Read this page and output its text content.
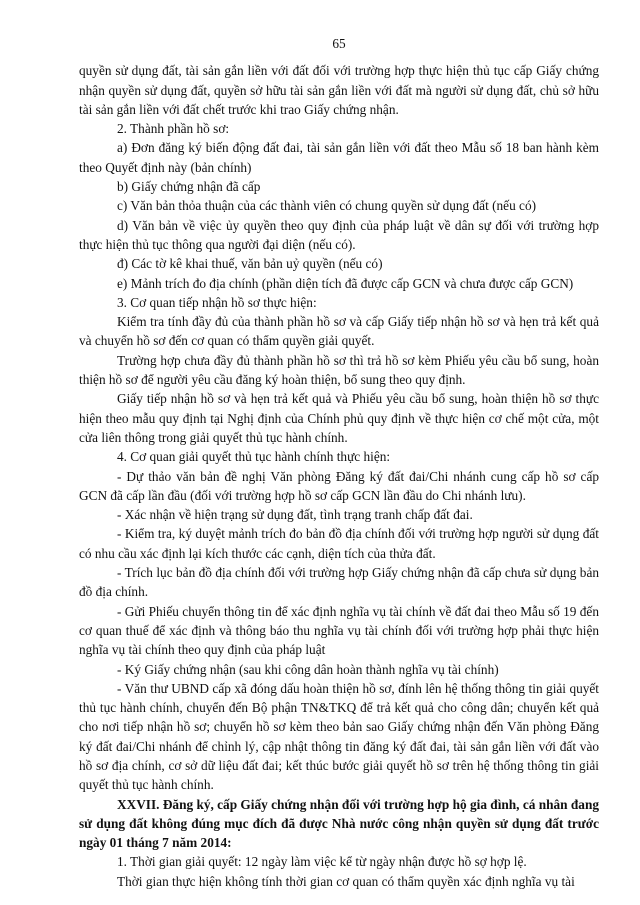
65

quyền sử dụng đất, tài sản gắn liền với đất đối với trường hợp thực hiện thủ tục cấp Giấy chứng nhận quyền sử dụng đất, quyền sở hữu tài sản gắn liền với đất mà người sử dụng đất, chủ sở hữu tài sản gắn liền với đất chết trước khi trao Giấy chứng nhận.

2. Thành phần hồ sơ:

a) Đơn đăng ký biến động đất đai, tài sản gắn liền với đất theo Mẫu số 18 ban hành kèm theo Quyết định này (bản chính)

b) Giấy chứng nhận đã cấp

c) Văn bản thỏa thuận của các thành viên có chung quyền sử dụng đất (nếu có)

d) Văn bản về việc ủy quyền theo quy định của pháp luật về dân sự đối với trường hợp thực hiện thủ tục thông qua người đại diện (nếu có).

đ) Các tờ kê khai thuế, văn bản uỷ quyền (nếu có)

e) Mảnh trích đo địa chính (phần diện tích đã được cấp GCN và chưa được cấp GCN)

3. Cơ quan tiếp nhận hồ sơ thực hiện:

Kiểm tra tính đầy đủ của thành phần hồ sơ và cấp Giấy tiếp nhận hồ sơ và hẹn trả kết quả và chuyển hồ sơ đến cơ quan có thẩm quyền giải quyết.

Trường hợp chưa đầy đủ thành phần hồ sơ thì trả hồ sơ kèm Phiếu yêu cầu bổ sung, hoàn thiện hồ sơ để người yêu cầu đăng ký hoàn thiện, bổ sung theo quy định.

Giấy tiếp nhận hồ sơ và hẹn trả kết quả và Phiếu yêu cầu bổ sung, hoàn thiện hồ sơ thực hiện theo mẫu quy định tại Nghị định của Chính phủ quy định về thực hiện cơ chế một cửa, một cửa liên thông trong giải quyết thủ tục hành chính.

4. Cơ quan giải quyết thủ tục hành chính thực hiện:

- Dự thảo văn bản đề nghị Văn phòng Đăng ký đất đai/Chi nhánh cung cấp hồ sơ cấp GCN đã cấp lần đầu (đối với trường hợp hồ sơ cấp GCN lần đầu do Chi nhánh lưu).

- Xác nhận về hiện trạng sử dụng đất, tình trạng tranh chấp đất đai.

- Kiểm tra, ký duyệt mảnh trích đo bản đồ địa chính đối với trường hợp người sử dụng đất có nhu cầu xác định lại kích thước các cạnh, diện tích của thửa đất.

- Trích lục bản đồ địa chính đối với trường hợp Giấy chứng nhận đã cấp chưa sử dụng bản đồ địa chính.

- Gửi Phiếu chuyển thông tin để xác định nghĩa vụ tài chính về đất đai theo Mẫu số 19 đến cơ quan thuế để xác định và thông báo thu nghĩa vụ tài chính đối với trường hợp phải thực hiện nghĩa vụ tài chính theo quy định của pháp luật

- Ký Giấy chứng nhận (sau khi công dân hoàn thành nghĩa vụ tài chính)

- Văn thư UBND cấp xã đóng dấu hoàn thiện hồ sơ, đính lên hệ thống thông tin giải quyết thủ tục hành chính, chuyển đến Bộ phận TN&TKQ để trả kết quả cho công dân; chuyển kết quả cho nơi tiếp nhận hồ sơ; chuyển hồ sơ kèm theo bản sao Giấy chứng nhận đến Văn phòng Đăng ký đất đai/Chi nhánh để chỉnh lý, cập nhật thông tin đăng ký đất đai, tài sản gắn liền với đất vào hồ sơ địa chính, cơ sở dữ liệu đất đai; kết thúc bước giải quyết hồ sơ trên hệ thống thông tin giải quyết thủ tục hành chính.

XXVII. Đăng ký, cấp Giấy chứng nhận đối với trường hợp hộ gia đình, cá nhân đang sử dụng đất không đúng mục đích đã được Nhà nước công nhận quyền sử dụng đất trước ngày 01 tháng 7 năm 2014:

1. Thời gian giải quyết: 12 ngày làm việc kể từ ngày nhận được hồ sợ hợp lệ.

Thời gian thực hiện không tính thời gian cơ quan có thẩm quyền xác định nghĩa vụ tài
